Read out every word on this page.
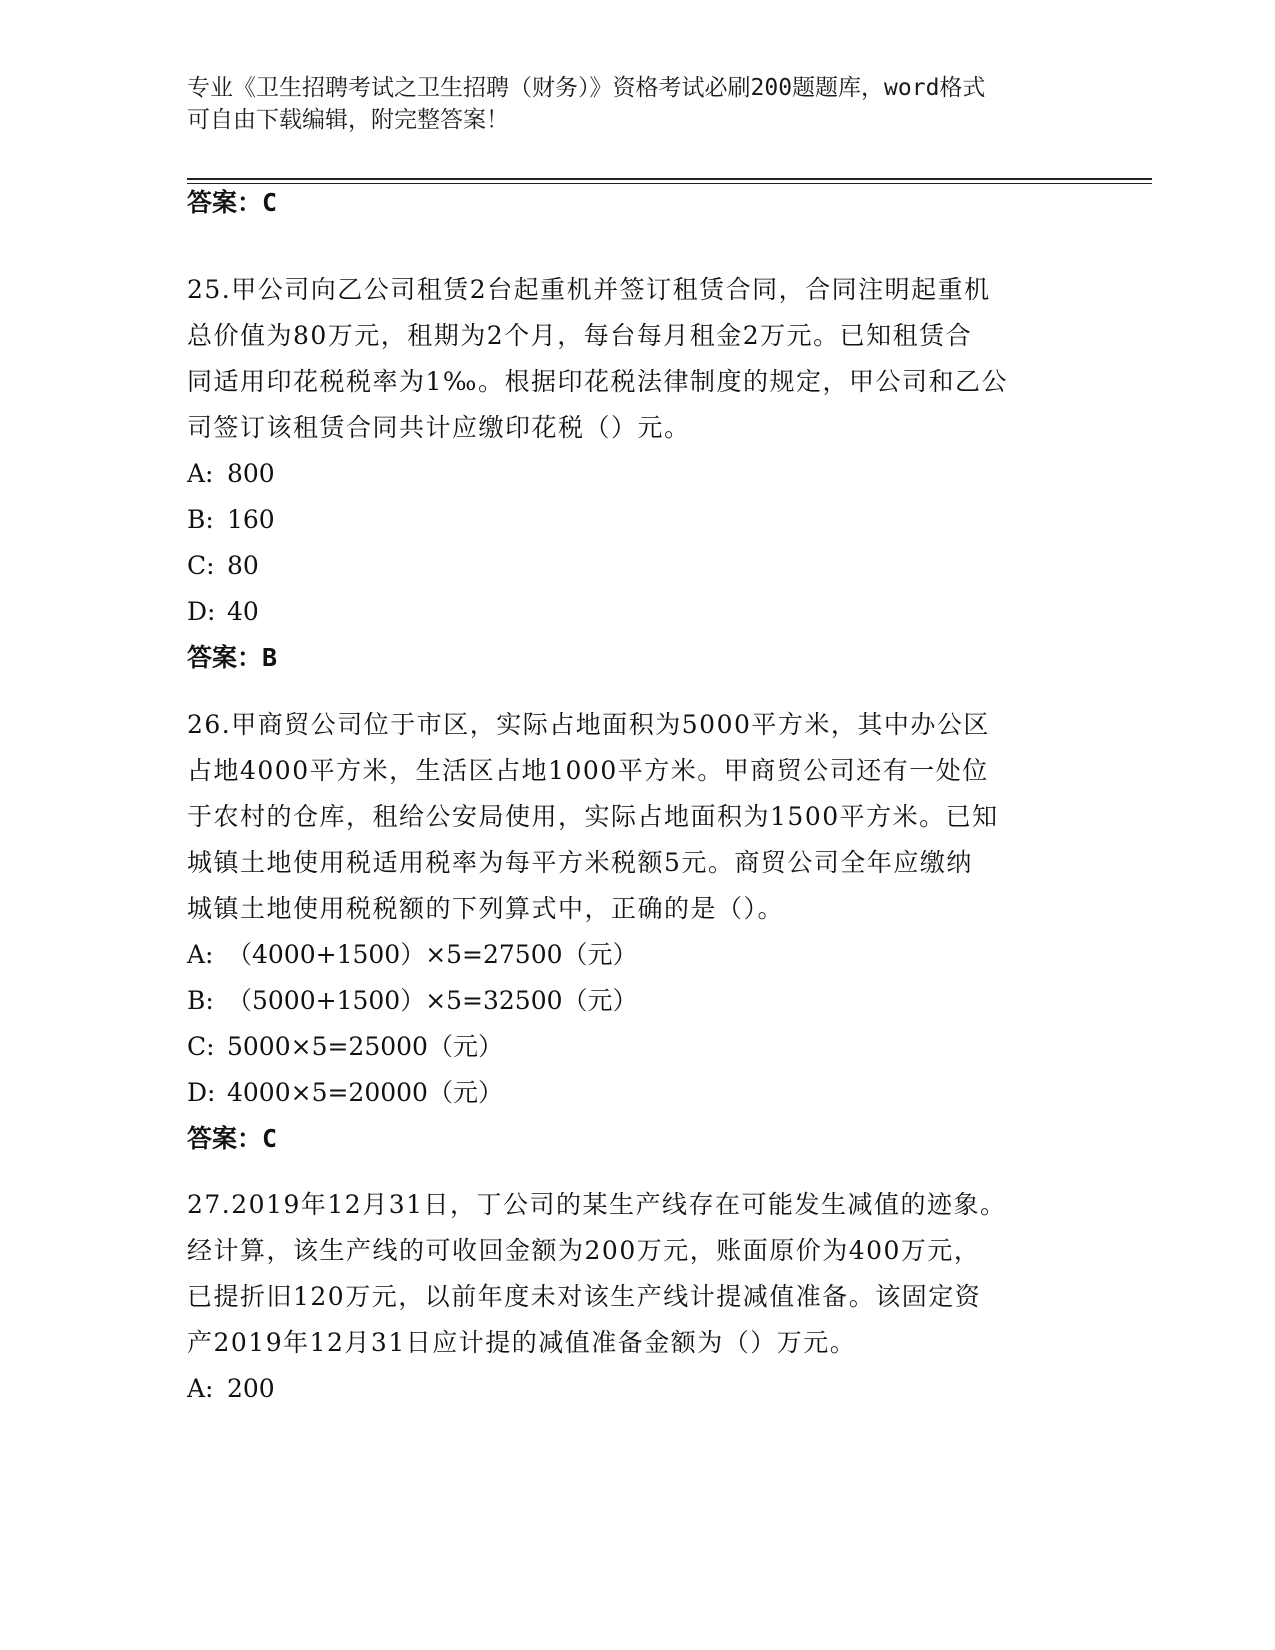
专业《卫生招聘考试之卫生招聘（财务）》资格考试必刷200题题库，word格式
可自由下载编辑，附完整答案！
答案：C
25.甲公司向乙公司租赁2台起重机并签订租赁合同，合同注明起重机
总价值为80万元，租期为2个月，每台每月租金2万元。已知租赁合
同适用印花税税率为1‰。根据印花税法律制度的规定，甲公司和乙公
司签订该租赁合同共计应缴印花税（）元。
A: 800
B: 160
C: 80
D: 40
答案：B
26.甲商贸公司位于市区，实际占地面积为5000平方米，其中办公区
占地4000平方米，生活区占地1000平方米。甲商贸公司还有一处位
于农村的仓库，租给公安局使用，实际占地面积为1500平方米。已知
城镇土地使用税适用税率为每平方米税额5元。商贸公司全年应缴纳
城镇土地使用税税额的下列算式中，正确的是（）。
A: （4000+1500）×5=27500（元）
B: （5000+1500）×5=32500（元）
C: 5000×5=25000（元）
D: 4000×5=20000（元）
答案：C
27.2019年12月31日，丁公司的某生产线存在可能发生减值的迹象。
经计算，该生产线的可收回金额为200万元，账面原价为400万元，
已提折旧120万元，以前年度未对该生产线计提减值准备。该固定资
产2019年12月31日应计提的减值准备金额为（）万元。
A: 200
